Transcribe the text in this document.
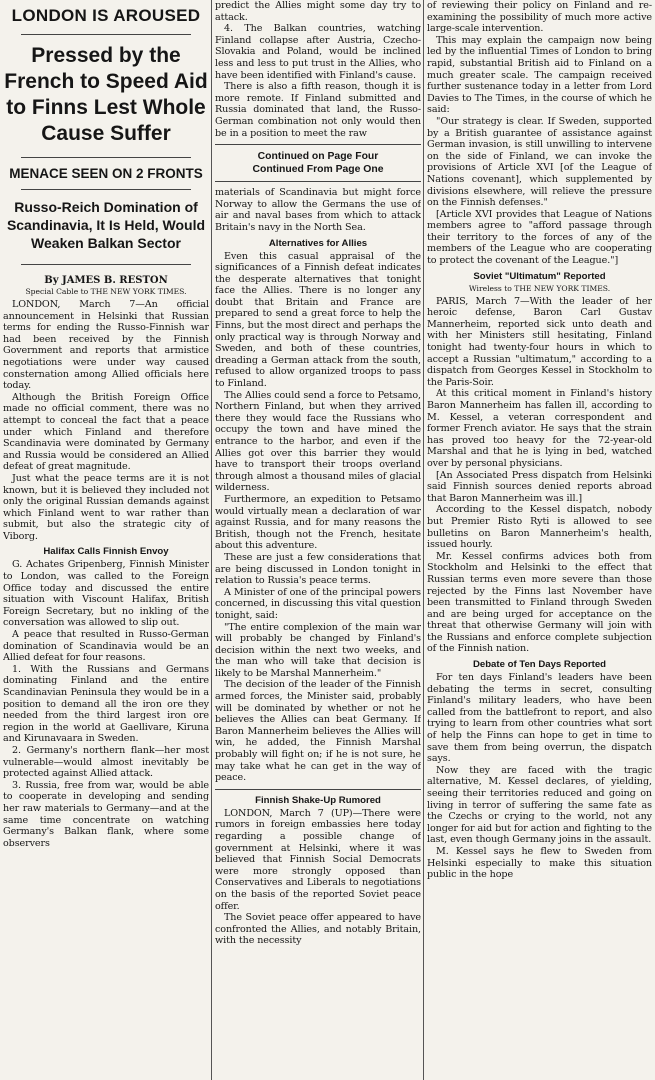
LONDON IS AROUSED
Pressed by the French to Speed Aid to Finns Lest Whole Cause Suffer
MENACE SEEN ON 2 FRONTS
Russo-Reich Domination of Scandinavia, It Is Held, Would Weaken Balkan Sector
By JAMES B. RESTON
Special Cable to THE NEW YORK TIMES.

LONDON, March 7—An official announcement in Helsinki that Russian terms for ending the Russo-Finnish war had been received by the Finnish Government and reports that armistice negotiations were under way caused consternation among Allied officials here today.

Although the British Foreign Office made no official comment, there was no attempt to conceal the fact that a peace under which Finland and therefore Scandinavia were dominated by Germany and Russia would be considered an Allied defeat of great magnitude.

Just what the peace terms are it is not known, but it is believed they included not only the original Russian demands against which Finland went to war rather than submit, but also the strategic city of Viborg.

Halifax Calls Finnish Envoy

G. Achates Gripenberg, Finnish Minister to London, was called to the Foreign Office today and discussed the entire situation with Viscount Halifax, British Foreign Secretary, but no inkling of the conversation was allowed to slip out.

A peace that resulted in Russo-German domination of Scandinavia would be an Allied defeat for four reasons.

1. With the Russians and Germans dominating Finland and the entire Scandinavian Peninsula they would be in a position to demand all the iron ore they needed from the third largest iron ore region in the world at Gaellivare, Kiruna and Kirunavaara in Sweden.

2. Germany's northern flank—her most vulnerable—would almost inevitably be protected against Allied attack.

3. Russia, free from war, would be able to cooperate in developing and sending her raw materials to Germany—and at the same time concentrate on watching Germany's Balkan flank, where some observers

predict the Allies might some day try to attack.

4. The Balkan countries, watching Finland collapse after Austria, Czecho-Slovakia and Poland, would be inclined less and less to put trust in the Allies, who have been identified with Finland's cause.

There is also a fifth reason, though it is more remote. If Finland submitted and Russia dominated that land, the Russo-German combination not only would then be in a position to meet the raw

Continued on Page Four
Continued From Page One

materials of Scandinavia but might force Norway to allow the Germans the use of air and naval bases from which to attack Britain's navy in the North Sea.

Alternatives for Allies

Even this casual appraisal of the significances of a Finnish defeat indicates the desperate alternatives that tonight face the Allies. There is no longer any doubt that Britain and France are prepared to send a great force to help the Finns, but the most direct and perhaps the only practical way is through Norway and Sweden, and both of these countries, dreading a German attack from the south, refused to allow organized troops to pass to Finland.

The Allies could send a force to Petsamo, Northern Finland, but when they arrived there they would face the Russians who occupy the town and have mined the entrance to the harbor, and even if the Allies got over this barrier they would have to transport their troops overland through almost a thousand miles of glacial wilderness.

Furthermore, an expedition to Petsamo would virtually mean a declaration of war against Russia, and for many reasons the British, though not the French, hesitate about this adventure.

These are just a few considerations that are being discussed in London tonight in relation to Russia's peace terms.

A Minister of one of the principal powers concerned, in discussing this vital question tonight, said:

"The entire complexion of the main war will probably be changed by Finland's decision within the next two weeks, and the man who will take that decision is likely to be Marshal Mannerheim."

The decision of the leader of the Finnish armed forces, the Minister said, probably will be dominated by whether or not he believes the Allies can beat Germany. If Baron Mannerheim believes the Allies will win, he added, the Finnish Marshal probably will fight on; if he is not sure, he may take what he can get in the way of peace.

Finnish Shake-Up Rumored

LONDON, March 7 (UP)—There were rumors in foreign embassies here today regarding a possible change of government at Helsinki, where it was believed that Finnish Social Democrats were more strongly opposed than Conservatives and Liberals to negotiations on the basis of the reported Soviet peace offer.

The Soviet peace offer appeared to have confronted the Allies, and notably Britain, with the necessity

of reviewing their policy on Finland and re-examining the possibility of much more active large-scale intervention.

This may explain the campaign now being led by the influential Times of London to bring rapid, substantial British aid to Finland on a much greater scale. The campaign received further sustenance today in a letter from Lord Davies to The Times, in the course of which he said:

"Our strategy is clear. If Sweden, supported by a British guarantee of assistance against German invasion, is still unwilling to intervene on the side of Finland, we can invoke the provisions of Article XVI [of the League of Nations covenant], which supplemented by divisions elsewhere, will relieve the pressure on the Finnish defenses."

[Article XVI provides that League of Nations members agree to "afford passage through their territory to the forces of any of the members of the League who are cooperating to protect the covenant of the League."]

Soviet "Ultimatum" Reported
Wireless to THE NEW YORK TIMES.

PARIS, March 7—With the leader of her heroic defense, Baron Carl Gustav Mannerheim, reported sick unto death and with her Ministers still hesitating, Finland tonight had twenty-four hours in which to accept a Russian "ultimatum," according to a dispatch from Georges Kessel in Stockholm to the Paris-Soir.

At this critical moment in Finland's history Baron Mannerheim has fallen ill, according to M. Kessel, a veteran correspondent and former French aviator. He says that the strain has proved too heavy for the 72-year-old Marshal and that he is lying in bed, watched over by personal physicians.

[An Associated Press dispatch from Helsinki said Finnish sources denied reports abroad that Baron Mannerheim was ill.]

According to the Kessel dispatch, nobody but Premier Risto Ryti is allowed to see bulletins on Baron Mannerheim's health, issued hourly.

Mr. Kessel confirms advices both from Stockholm and Helsinki to the effect that Russian terms even more severe than those rejected by the Finns last November have been transmitted to Finland through Sweden and are being urged for acceptance on the threat that otherwise Germany will join with the Russians and enforce complete subjection of the Finnish nation.

Debate of Ten Days Reported

For ten days Finland's leaders have been debating the terms in secret, consulting Finland's military leaders, who have been called from the battlefront to report, and also trying to learn from other countries what sort of help the Finns can hope to get in time to save them from being overrun, the dispatch says.

Now they are faced with the tragic alternative, M. Kessel declares, of yielding, seeing their territories reduced and going on living in terror of suffering the same fate as the Czechs or crying to the world, not any longer for aid but for action and fighting to the last, even though Germany joins in the assault.

M. Kessel says he flew to Sweden from Helsinki especially to make this situation public in the hope
